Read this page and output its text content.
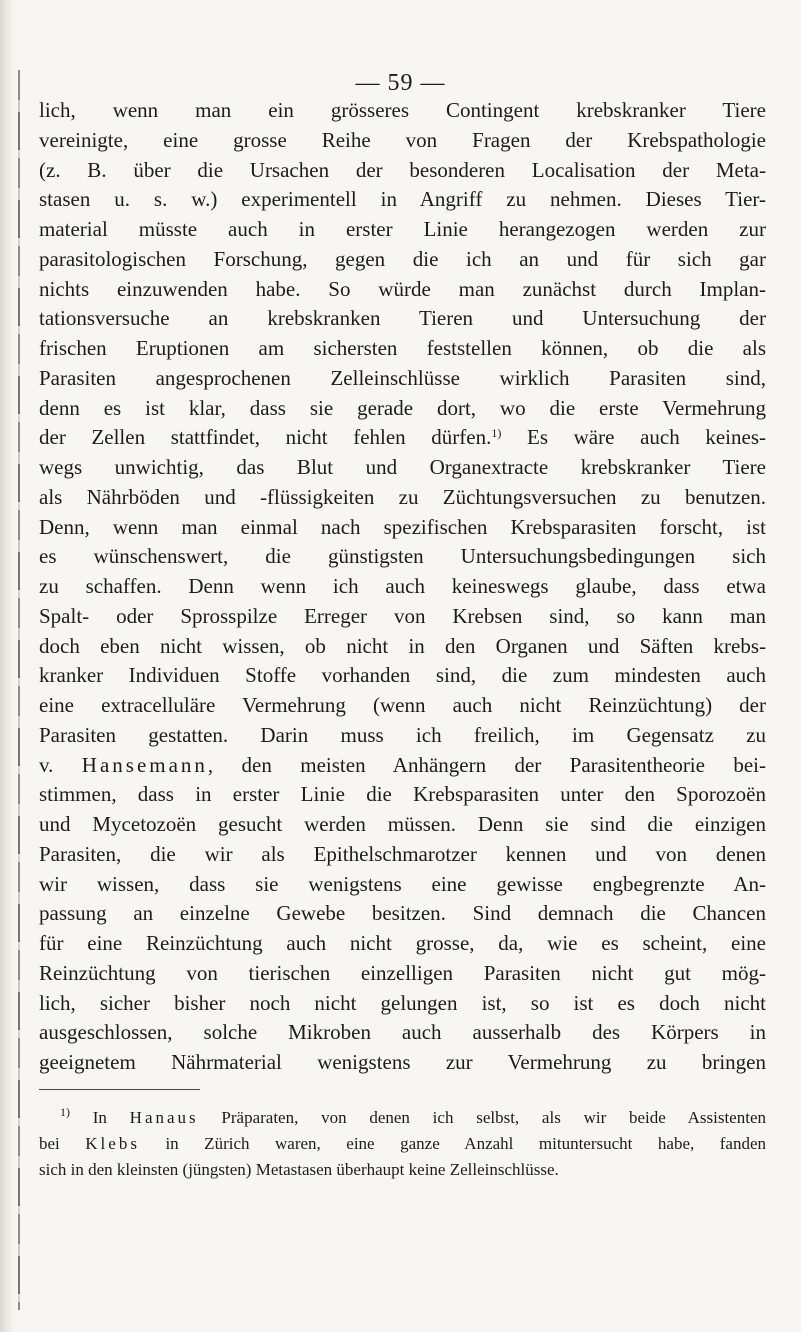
— 59 —
lich, wenn man ein grösseres Contingent krebskranker Tiere
vereinigte, eine grosse Reihe von Fragen der Krebspathologie
(z. B. über die Ursachen der besonderen Localisation der Meta-
stasen u. s. w.) experimentell in Angriff zu nehmen. Dieses Tier-
material müsste auch in erster Linie herangezogen werden zur
parasitologischen Forschung, gegen die ich an und für sich gar
nichts einzuwenden habe. So würde man zunächst durch Implan-
tationsversuche an krebskranken Tieren und Untersuchung der
frischen Eruptionen am sichersten feststellen können, ob die als
Parasiten angesprochenen Zelleinschlüsse wirklich Parasiten sind,
denn es ist klar, dass sie gerade dort, wo die erste Vermehrung
der Zellen stattfindet, nicht fehlen dürfen.$^{1)}$ Es wäre auch keines-
wegs unwichtig, das Blut und Organextracte krebskranker Tiere
als Nährböden und -flüssigkeiten zu Züchtungsversuchen zu benutzen.
Denn, wenn man einmal nach spezifischen Krebsparasiten forscht, ist
es wünschenswert, die günstigsten Untersuchungsbedingungen sich
zu schaffen. Denn wenn ich auch keineswegs glaube, dass etwa
Spalt- oder Sprosspilze Erreger von Krebsen sind, so kann man
doch eben nicht wissen, ob nicht in den Organen und Säften krebs-
kranker Individuen Stoffe vorhanden sind, die zum mindesten auch
eine extracelluläre Vermehrung (wenn auch nicht Reinzüchtung) der
Parasiten gestatten. Darin muss ich freilich, im Gegensatz zu
v. Hansemann, den meisten Anhängern der Parasitentheorie bei-
stimmen, dass in erster Linie die Krebsparasiten unter den Sporozoën
und Mycetozoën gesucht werden müssen. Denn sie sind die einzigen
Parasiten, die wir als Epithelschmarotzer kennen und von denen
wir wissen, dass sie wenigstens eine gewisse engbegrenzte An-
passung an einzelne Gewebe besitzen. Sind demnach die Chancen
für eine Reinzüchtung auch nicht grosse, da, wie es scheint, eine
Reinzüchtung von tierischen einzelligen Parasiten nicht gut mög-
lich, sicher bisher noch nicht gelungen ist, so ist es doch nicht
ausgeschlossen, solche Mikroben auch ausserhalb des Körpers in
geeignetem Nährmaterial wenigstens zur Vermehrung zu bringen
$^{1)}$ In Hanaus Präparaten, von denen ich selbst, als wir beide Assistenten
bei Klebs in Zürich waren, eine ganze Anzahl mituntersucht habe, fanden
sich in den kleinsten (jüngsten) Metastasen überhaupt keine Zelleinschlüsse.
